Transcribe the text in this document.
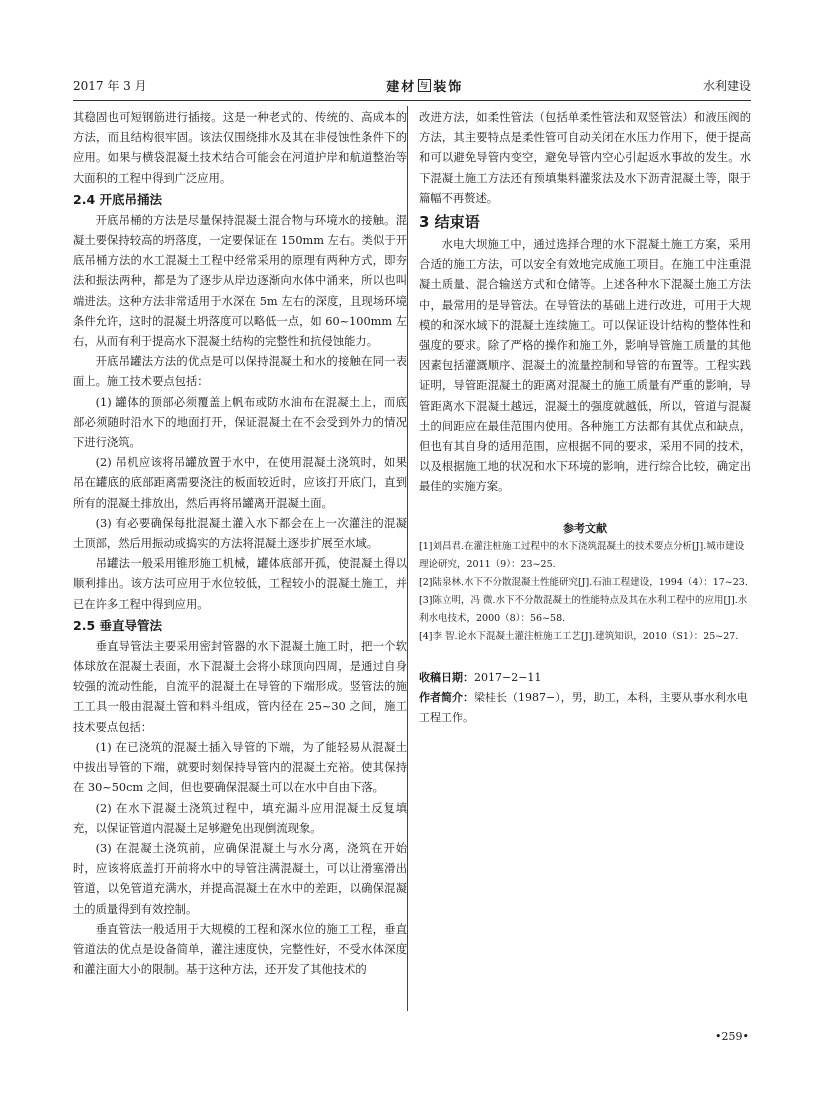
2017 年 3 月	建材 与 装饰	水利建设

其稳固也可短钢筋进行插接。这是一种老式的、传统的、高成本的方法，而且结构很牢固。该法仅围绕排水及其在非侵蚀性条件下的应用。如果与横袋混凝土技术结合可能会在河道护岸和航道整治等大面积的工程中得到广泛应用。

2.4 开底吊捅法

开底吊桶的方法是尽量保持混凝土混合物与环境水的接触。混凝土要保持较高的坍落度，一定要保证在 150mm 左右。类似于开底吊桶方法的水工混凝土工程中经常采用的原理有两种方式，即夯法和振法两种，都是为了逐步从岸边逐渐向水体中涌来，所以也叫端进法。这种方法非常适用于水深在 5m 左右的深度，且现场环境条件允许，这时的混凝土坍落度可以略低一点，如 60~100mm 左右，从而有利于提高水下混凝土结构的完整性和抗侵蚀能力。

开底吊罐法方法的优点是可以保持混凝土和水的接触在同一表面上。施工技术要点包括：

(1) 罐体的顶部必须覆盖上帆布或防水油布在混凝土上，而底部必须随时沿水下的地面打开，保证混凝土在不会受到外力的情况下进行浇筑。

(2) 吊机应该将吊罐放置于水中，在使用混凝土浇筑时，如果吊在罐底的底部距离需要浇注的板面较近时，应该打开底门，直到所有的混凝土排放出，然后再将吊罐离开混凝土面。

(3) 有必要确保每批混凝土灌入水下都会在上一次灌注的混凝土顶部，然后用振动或捣实的方法将混凝土逐步扩展至水域。

吊罐法一般采用锥形施工机械，罐体底部开孤，使混凝土得以顺利排出。该方法可应用于水位较低，工程较小的混凝土施工，并已在许多工程中得到应用。

2.5 垂直导管法

垂直导管法主要采用密封管器的水下混凝土施工时，把一个软体球放在混凝土表面，水下混凝土会将小球顶向四周，是通过自身较强的流动性能，自流平的混凝土在导管的下端形成。竖管法的施工工具一般由混凝土管和料斗组成，管内径在 25~30 之间，施工技术要点包括：

(1) 在已浇筑的混凝土插入导管的下端，为了能轻易从混凝土中拔出导管的下端，就要时刻保持导管内的混凝土充裕。使其保持在 30~50cm 之间，但也要确保混凝土可以在水中自由下落。

(2) 在水下混凝土浇筑过程中，填充漏斗应用混凝土反复填充，以保证管道内混凝土足够避免出现倒流现象。

(3) 在混凝土浇筑前，应确保混凝土与水分离，浇筑在开始时，应该将底盖打开前将水中的导管注满混凝土，可以让滑塞滑出管道，以免管道充满水，并提高混凝土在水中的差距，以确保混凝土的质量得到有效控制。

垂直管法一般适用于大规模的工程和深水位的施工工程，垂直管道法的优点是设备简单，灌注速度快，完整性好，不受水体深度和灌注面大小的限制。基于这种方法，还开发了其他技术的

改进方法，如柔性管法（包括单柔性管法和双竖管法）和液压阀的方法，其主要特点是柔性管可自动关闭在水压力作用下，便于提高和可以避免导管内变空，避免导管内空心引起返水事故的发生。水下混凝土施工方法还有预填集料灌浆法及水下沥青混凝土等，限于篇幅不再赘述。

3 结束语

水电大坝施工中，通过选择合理的水下混凝土施工方案，采用合适的施工方法，可以安全有效地完成施工项目。在施工中注重混凝土质量、混合输送方式和仓储等。上述各种水下混凝土施工方法中，最常用的是导管法。在导管法的基础上进行改进，可用于大规模的和深水域下的混凝土连续施工。可以保证设计结构的整体性和强度的要求。除了严格的操作和施工外，影响导管施工质量的其他因素包括灌溉顺序、混凝土的流量控制和导管的布置等。工程实践证明，导管距混凝土的距离对混凝土的施工质量有严重的影响，导管距离水下混凝土越远，混凝土的强度就越低，所以，管道与混凝土的间距应在最佳范围内使用。各种施工方法都有其优点和缺点，但也有其自身的适用范围，应根据不同的要求，采用不同的技术，以及根据施工地的状况和水下环境的影响，进行综合比较，确定出最佳的实施方案。

参考文献

[1]刘昌君.在灌注桩施工过程中的水下浇筑混凝土的技术要点分析[J].城市建设理论研究，2011（9）：23~25.

[2]陆泉林.水下不分散混凝土性能研究[J].石油工程建设，1994（4）：17~23.

[3]陈立明，冯 微.水下不分散混凝土的性能特点及其在水利工程中的应用[J].水利水电技术，2000（8）：56~58.

[4]李 智.论水下混凝土灌注桩施工工艺[J].建筑知识，2010（S1）：25~27.

收稿日期：2017−2−11

作者简介：梁桂长（1987−），男，助工，本科，主要从事水利水电工程工作。

•259•
